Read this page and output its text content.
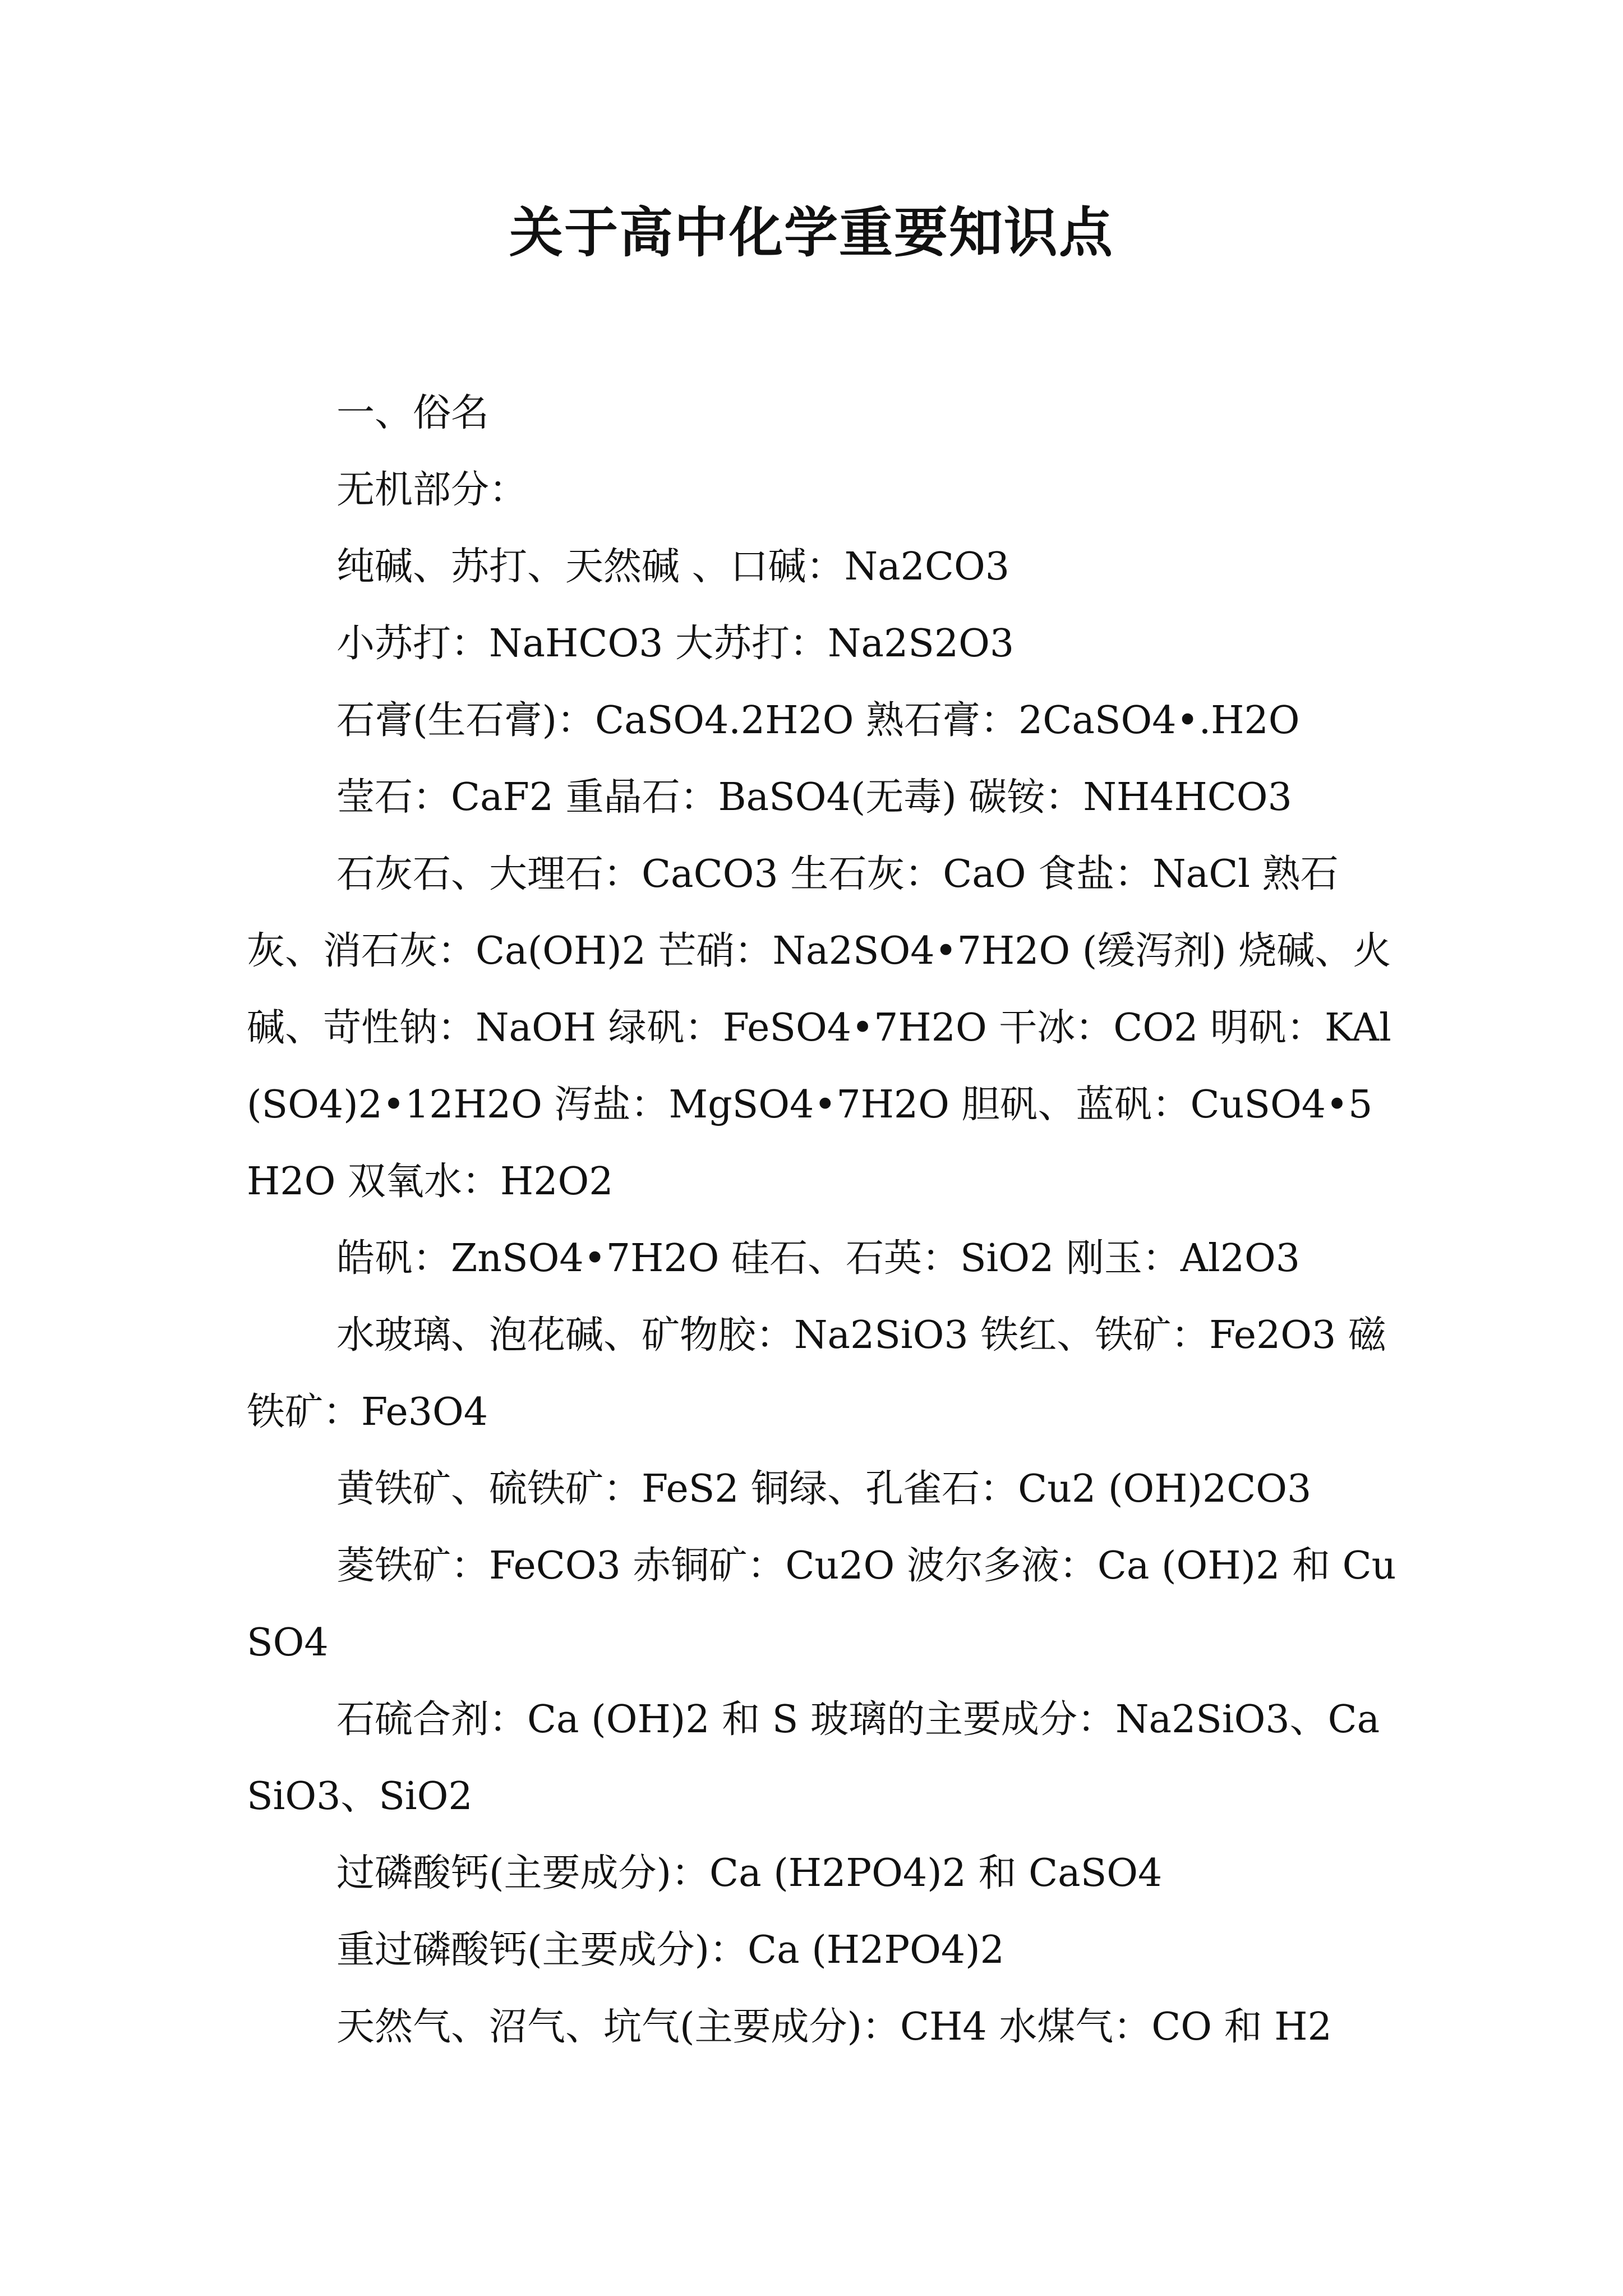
关于高中化学重要知识点

一、俗名

无机部分：

纯碱、苏打、天然碱 、口碱：Na2CO3

小苏打：NaHCO3 大苏打：Na2S2O3

石膏(生石膏)：CaSO4.2H2O 熟石膏：2CaSO4•.H2O

莹石：CaF2 重晶石：BaSO4(无毒) 碳铵：NH4HCO3

石灰石、大理石：CaCO3 生石灰：CaO 食盐：NaCl 熟石灰、消石灰：Ca(OH)2 芒硝：Na2SO4•7H2O (缓泻剂) 烧碱、火碱、苛性钠：NaOH 绿矾：FeSO4•7H2O 干冰：CO2 明矾：KAl (SO4)2•12H2O 泻盐：MgSO4•7H2O 胆矾、蓝矾：CuSO4•5H2O 双氧水：H2O2

皓矾：ZnSO4•7H2O 硅石、石英：SiO2 刚玉：Al2O3

水玻璃、泡花碱、矿物胶：Na2SiO3 铁红、铁矿：Fe2O3 磁铁矿：Fe3O4

黄铁矿、硫铁矿：FeS2 铜绿、孔雀石：Cu2 (OH)2CO3

菱铁矿：FeCO3 赤铜矿：Cu2O 波尔多液：Ca (OH)2 和 CuSO4

石硫合剂：Ca (OH)2 和 S 玻璃的主要成分：Na2SiO3、CaSiO3、SiO2

过磷酸钙(主要成分)：Ca (H2PO4)2 和 CaSO4

重过磷酸钙(主要成分)：Ca (H2PO4)2

天然气、沼气、坑气(主要成分)：CH4 水煤气：CO 和 H2
